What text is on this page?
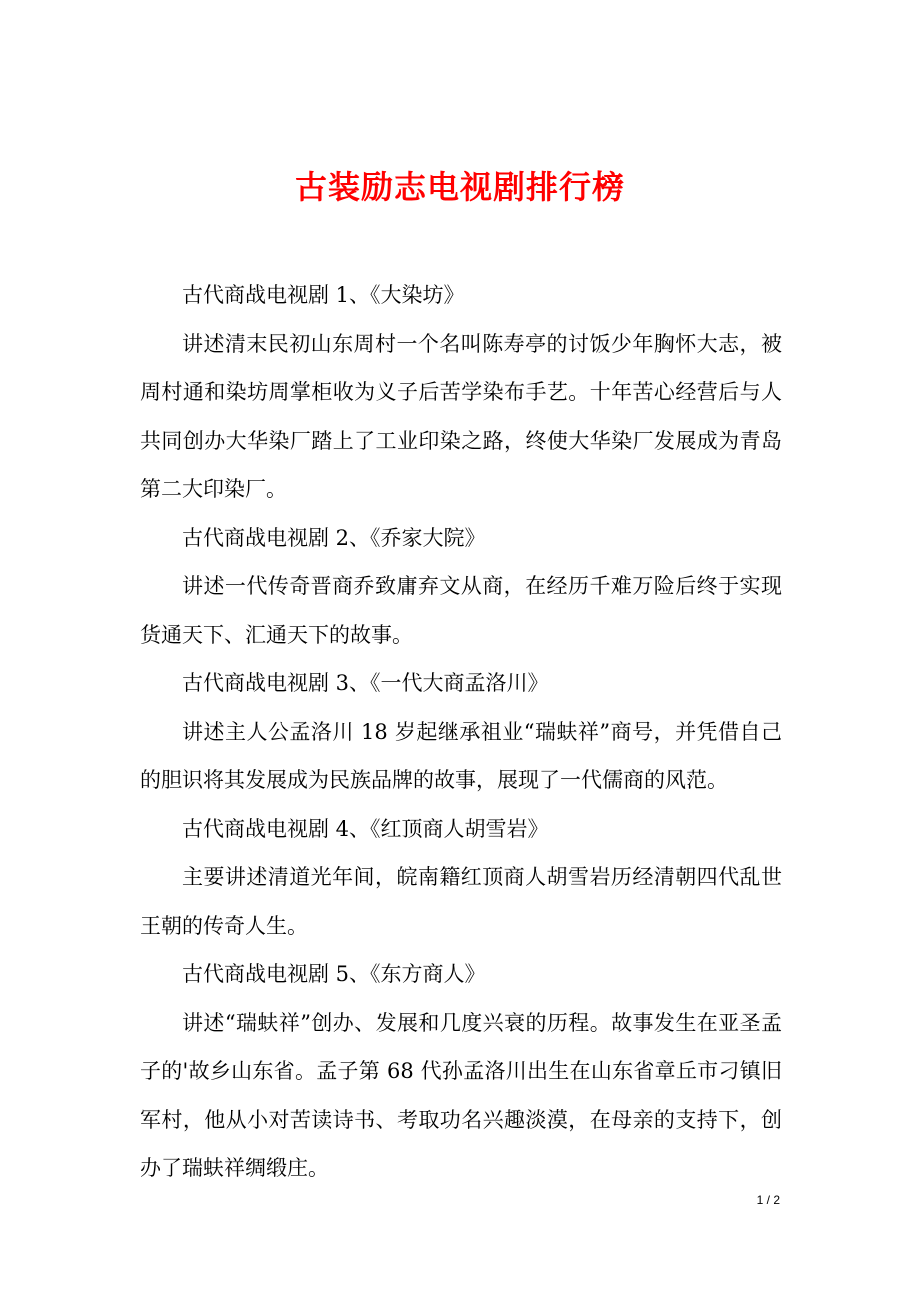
古装励志电视剧排行榜

古代商战电视剧 1、《大染坊》

讲述清末民初山东周村一个名叫陈寿亭的讨饭少年胸怀大志，被周村通和染坊周掌柜收为义子后苦学染布手艺。十年苦心经营后与人共同创办大华染厂踏上了工业印染之路，终使大华染厂发展成为青岛第二大印染厂。

古代商战电视剧 2、《乔家大院》

讲述一代传奇晋商乔致庸弃文从商，在经历千难万险后终于实现货通天下、汇通天下的故事。

古代商战电视剧 3、《一代大商孟洛川》

讲述主人公孟洛川 18 岁起继承祖业“瑞蚨祥”商号，并凭借自己的胆识将其发展成为民族品牌的故事，展现了一代儒商的风范。

古代商战电视剧 4、《红顶商人胡雪岩》

主要讲述清道光年间，皖南籍红顶商人胡雪岩历经清朝四代乱世王朝的传奇人生。

古代商战电视剧 5、《东方商人》

讲述“瑞蚨祥”创办、发展和几度兴衰的历程。故事发生在亚圣孟子的'故乡山东省。孟子第 68 代孙孟洛川出生在山东省章丘市刁镇旧军村，他从小对苦读诗书、考取功名兴趣淡漠，在母亲的支持下，创办了瑞蚨祥绸缎庄。

1 / 2
